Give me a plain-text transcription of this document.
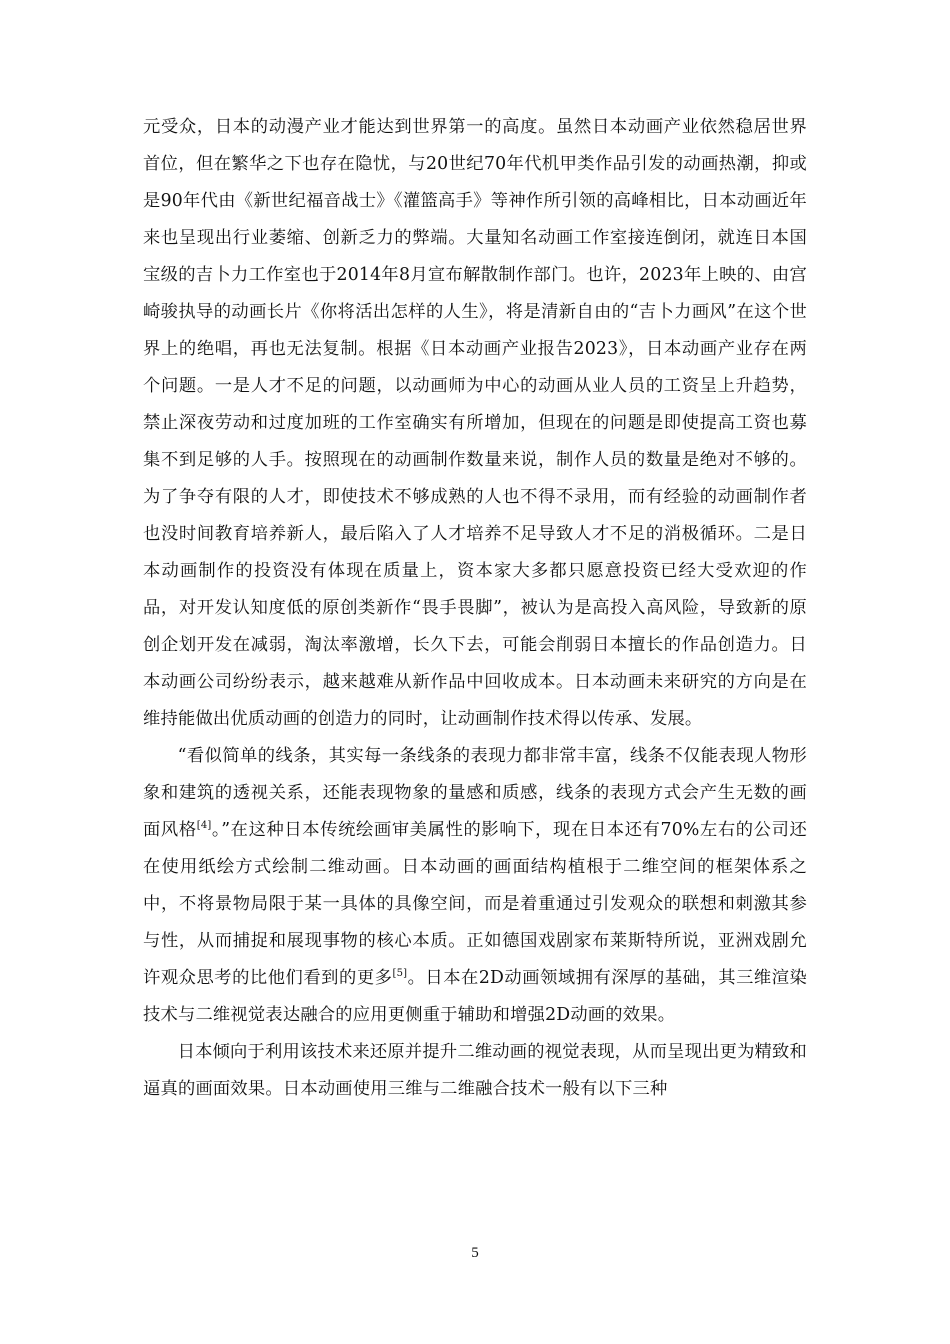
元受众，日本的动漫产业才能达到世界第一的高度。虽然日本动画产业依然稳居世界首位，但在繁华之下也存在隐忧，与20世纪70年代机甲类作品引发的动画热潮，抑或是90年代由《新世纪福音战士》《灌篮高手》等神作所引领的高峰相比，日本动画近年来也呈现出行业萎缩、创新乏力的弊端。大量知名动画工作室接连倒闭，就连日本国宝级的吉卜力工作室也于2014年8月宣布解散制作部门。也许，2023年上映的、由宫崎骏执导的动画长片《你将活出怎样的人生》，将是清新自由的“吉卜力画风”在这个世界上的绝唱，再也无法复制。根据《日本动画产业报告2023》，日本动画产业存在两个问题。一是人才不足的问题，以动画师为中心的动画从业人员的工资呈上升趋势，禁止深夜劳动和过度加班的工作室确实有所增加，但现在的问题是即使提高工资也募集不到足够的人手。按照现在的动画制作数量来说，制作人员的数量是绝对不够的。为了争夺有限的人才，即使技术不够成熟的人也不得不录用，而有经验的动画制作者也没时间教育培养新人，最后陷入了人才培养不足导致人才不足的消极循环。二是日本动画制作的投资没有体现在质量上，资本家大多都只愿意投资已经大受欢迎的作品，对开发认知度低的原创类新作“畏手畏脚”，被认为是高投入高风险，导致新的原创企划开发在减弱，淘汰率激增，长久下去，可能会削弱日本擅长的作品创造力。日本动画公司纷纷表示，越来越难从新作品中回收成本。日本动画未来研究的方向是在维持能做出优质动画的创造力的同时，让动画制作技术得以传承、发展。

“看似简单的线条，其实每一条线条的表现力都非常丰富，线条不仅能表现人物形象和建筑的透视关系，还能表现物象的量感和质感，线条的表现方式会产生无数的画面风格[4]。”在这种日本传统绘画审美属性的影响下，现在日本还有70%左右的公司还在使用纸绘方式绘制二维动画。日本动画的画面结构植根于二维空间的框架体系之中，不将景物局限于某一具体的具像空间，而是着重通过引发观众的联想和刺激其参与性，从而捕捉和展现事物的核心本质。正如德国戏剧家布莱斯特所说，亚洲戏剧允许观众思考的比他们看到的更多[5]。日本在2D动画领域拥有深厚的基础，其三维渲染技术与二维视觉表达融合的应用更侧重于辅助和增强2D动画的效果。

日本倾向于利用该技术来还原并提升二维动画的视觉表现，从而呈现出更为精致和逼真的画面效果。日本动画使用三维与二维融合技术一般有以下三种

5
